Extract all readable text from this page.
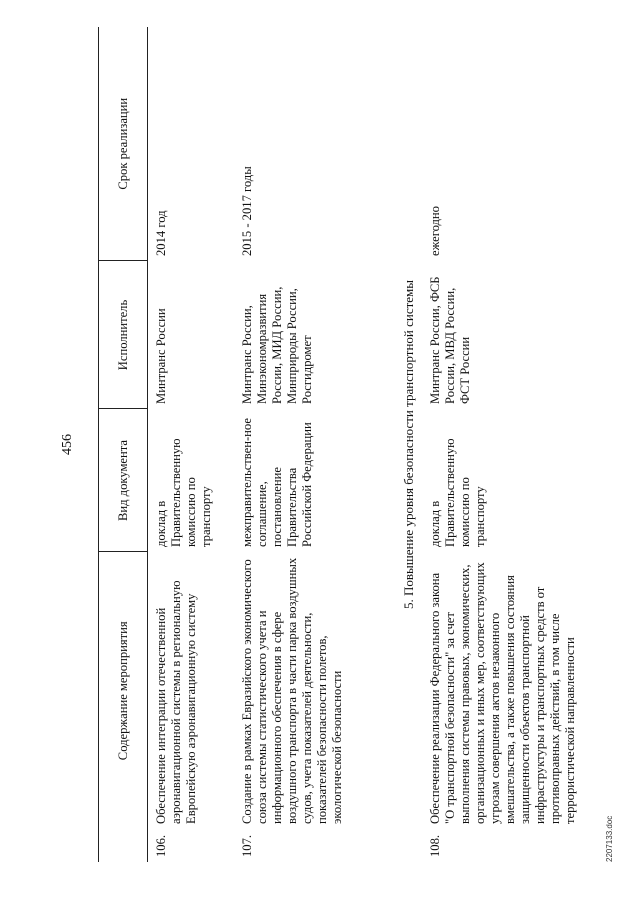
456
	Содержание мероприятия	Вид документа	Исполнитель	Срок реализации
106.	Обеспечение интеграции отечественной аэронавигационной системы в региональную Европейскую аэронавигационную систему	доклад в Правительственную комиссию по транспорту	Минтранс России	2014 год
107.	Создание в рамках Евразийского экономического союза системы статистического учета и информационного обеспечения в сфере воздушного транспорта в части парка воздушных судов, учета показателей деятельности, показателей безопасности полетов, экологической безопасности	межправительствен-ное соглашение, постановление Правительства Российской Федерации	Минтранс России, Минэкономразвития России, МИД России, Минприроды России, Росгидромет	2015 - 2017 годы
5. Повышение уровня безопасности транспортной системы				
108.	Обеспечение реализации Федерального закона "О транспортной безопасности" за счет выполнения системы правовых, экономических, организационных и иных мер, соответствующих угрозам совершения актов незаконного вмешательства, а также повышения состояния защищенности объектов транспортной инфраструктуры и транспортных средств от противоправных действий, в том числе террористической направленности	доклад в Правительственную комиссию по транспорту	Минтранс России, ФСБ России, МВД России, ФСТ России	ежегодно
2207133.doc
